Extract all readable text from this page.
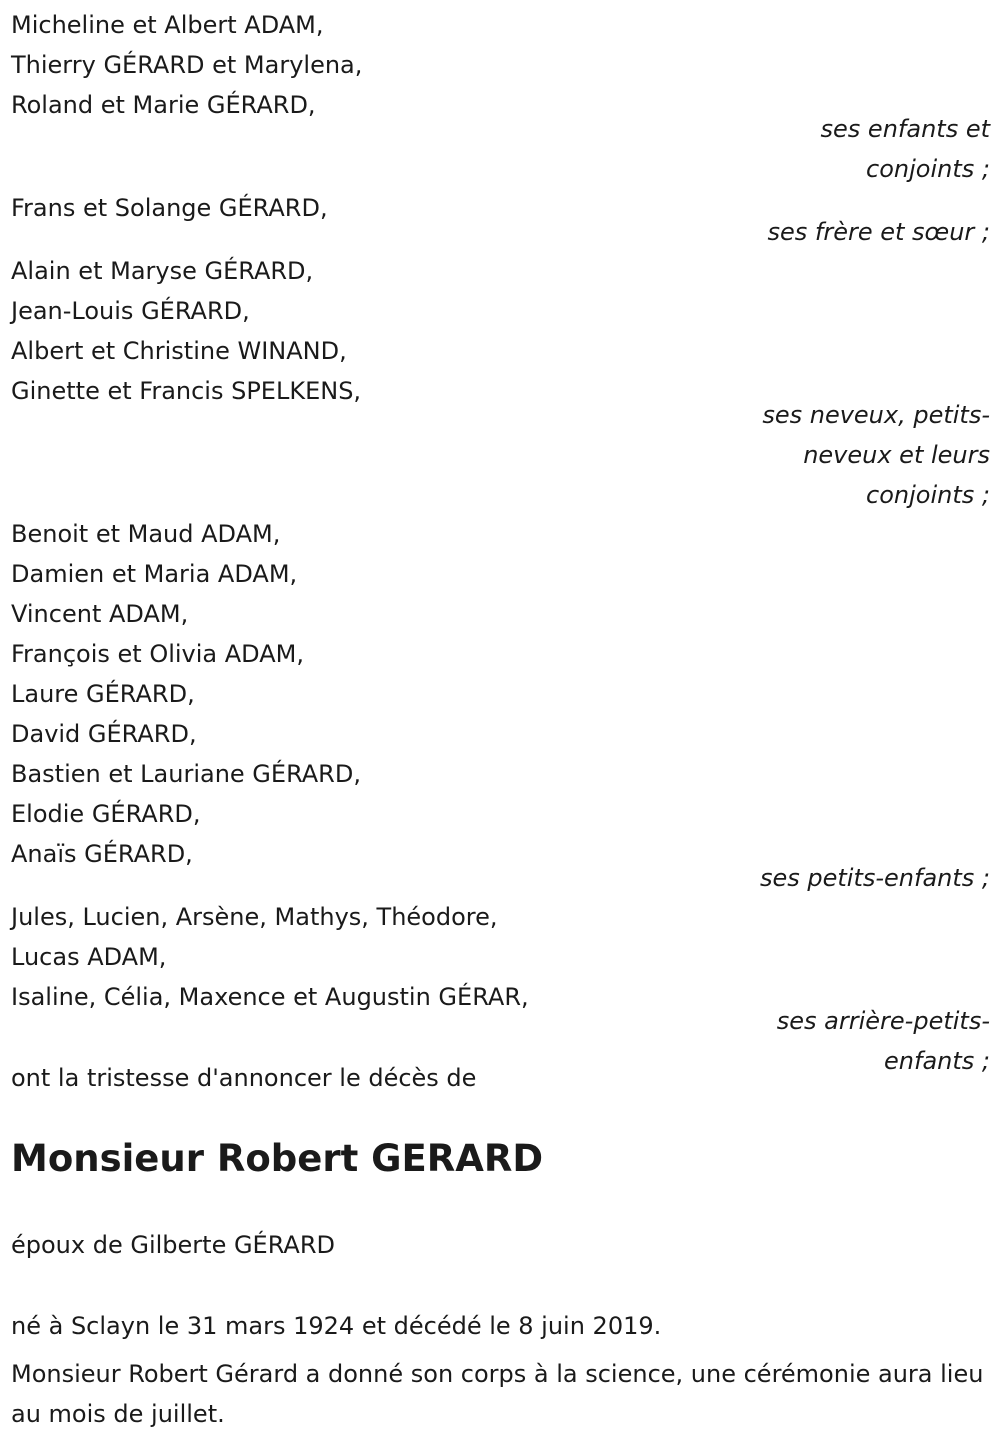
Micheline et Albert ADAM,
Thierry GÉRARD et Marylena,
Roland et Marie GÉRARD,
ses enfants et
conjoints ;
Frans et Solange GÉRARD,
ses frère et sœur ;
Alain et Maryse GÉRARD,
Jean-Louis GÉRARD,
Albert et Christine WINAND,
Ginette et Francis SPELKENS,
ses neveux, petits-
neveux et leurs
conjoints ;
Benoit et Maud ADAM,
Damien et Maria ADAM,
Vincent ADAM,
François et Olivia ADAM,
Laure GÉRARD,
David GÉRARD,
Bastien et Lauriane GÉRARD,
Elodie GÉRARD,
Anaïs GÉRARD,
ses petits-enfants ;
Jules, Lucien, Arsène, Mathys, Théodore,
Lucas ADAM,
Isaline, Célia, Maxence et Augustin GÉRAR,
ses arrière-petits-
enfants ;
ont la tristesse d'annoncer le décès de
Monsieur Robert GERARD
époux de Gilberte GÉRARD
né à Sclayn le 31 mars 1924 et décédé le 8 juin 2019.
Monsieur Robert Gérard a donné son corps à la science, une cérémonie aura lieu au mois de juillet.
